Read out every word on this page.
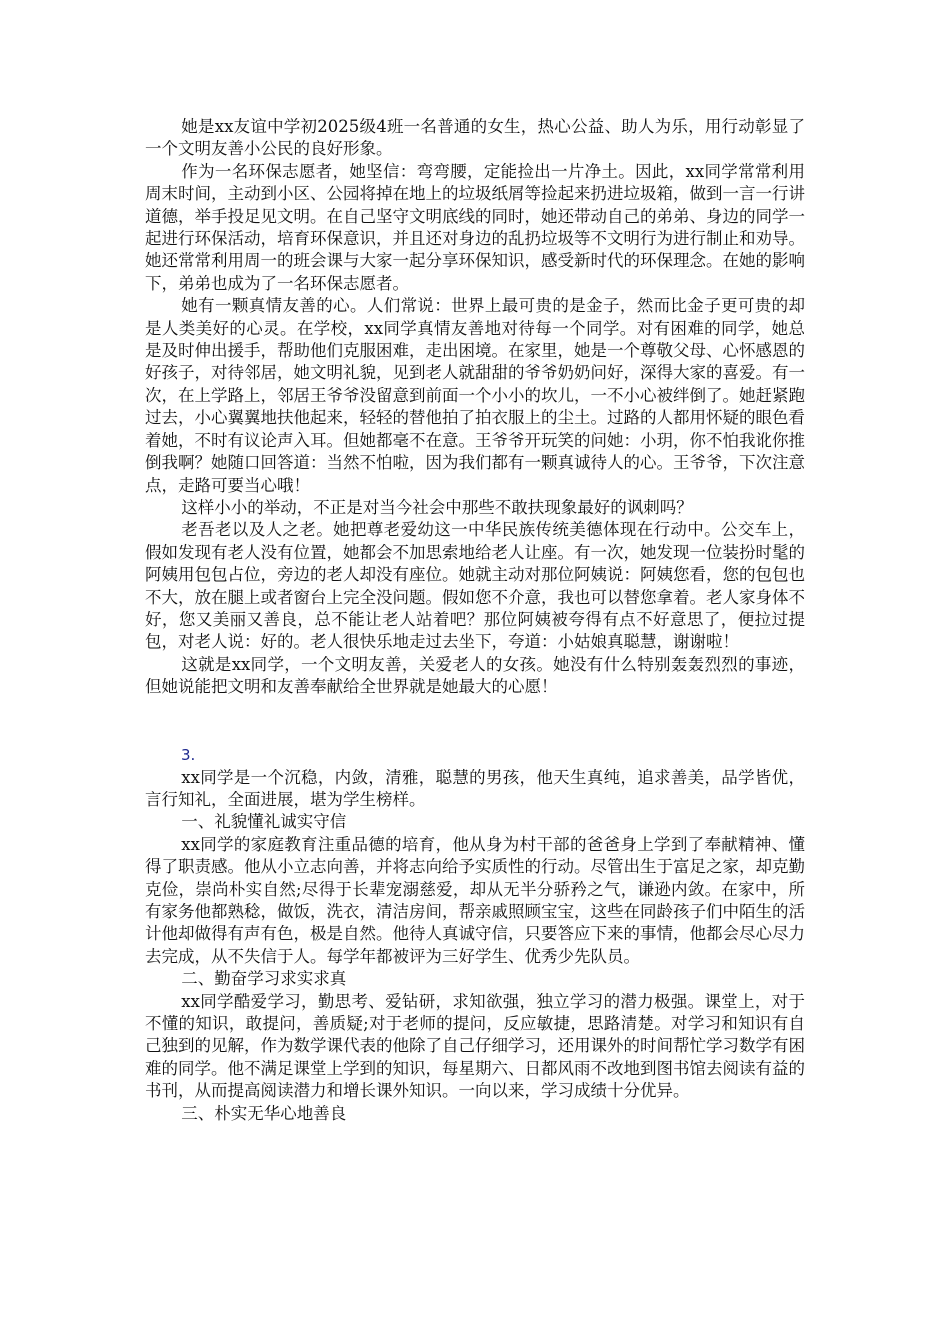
她是xx友谊中学初2025级4班一名普通的女生，热心公益、助人为乐，用行动彰显了一个文明友善小公民的良好形象。

作为一名环保志愿者，她坚信：弯弯腰，定能捡出一片净土。因此，xx同学常常利用周末时间，主动到小区、公园将掉在地上的垃圾纸屑等捡起来扔进垃圾箱，做到一言一行讲道德，举手投足见文明。在自己坚守文明底线的同时，她还带动自己的弟弟、身边的同学一起进行环保活动，培育环保意识，并且还对身边的乱扔垃圾等不文明行为进行制止和劝导。她还常常利用周一的班会课与大家一起分享环保知识，感受新时代的环保理念。在她的影响下，弟弟也成为了一名环保志愿者。

她有一颗真情友善的心。人们常说：世界上最可贵的是金子，然而比金子更可贵的却是人类美好的心灵。在学校，xx同学真情友善地对待每一个同学。对有困难的同学，她总是及时伸出援手，帮助他们克服困难，走出困境。在家里，她是一个尊敬父母、心怀感恩的好孩子，对待邻居，她文明礼貌，见到老人就甜甜的爷爷奶奶问好，深得大家的喜爱。有一次，在上学路上，邻居王爷爷没留意到前面一个小小的坎儿，一不小心被绊倒了。她赶紧跑过去，小心翼翼地扶他起来，轻轻的替他拍了拍衣服上的尘土。过路的人都用怀疑的眼色看着她，不时有议论声入耳。但她都毫不在意。王爷爷开玩笑的问她：小玥，你不怕我讹你推倒我啊？她随口回答道：当然不怕啦，因为我们都有一颗真诚待人的心。王爷爷，下次注意点，走路可要当心哦！

这样小小的举动，不正是对当今社会中那些不敢扶现象最好的讽刺吗？

老吾老以及人之老。她把尊老爱幼这一中华民族传统美德体现在行动中。公交车上，假如发现有老人没有位置，她都会不加思索地给老人让座。有一次，她发现一位装扮时髦的阿姨用包包占位，旁边的老人却没有座位。她就主动对那位阿姨说：阿姨您看，您的包包也不大，放在腿上或者窗台上完全没问题。假如您不介意，我也可以替您拿着。老人家身体不好，您又美丽又善良，总不能让老人站着吧？那位阿姨被夸得有点不好意思了，便拉过提包，对老人说：好的。老人很快乐地走过去坐下，夸道：小姑娘真聪慧，谢谢啦！

这就是xx同学，一个文明友善，关爱老人的女孩。她没有什么特别轰轰烈烈的事迹，但她说能把文明和友善奉献给全世界就是她最大的心愿！

3.

xx同学是一个沉稳，内敛，清雅，聪慧的男孩，他天生真纯，追求善美，品学皆优，言行知礼，全面进展，堪为学生榜样。

一、礼貌懂礼诚实守信

xx同学的家庭教育注重品德的培育，他从身为村干部的爸爸身上学到了奉献精神、懂得了职责感。他从小立志向善，并将志向给予实质性的行动。尽管出生于富足之家，却克勤克俭，崇尚朴实自然;尽得于长辈宠溺慈爱，却从无半分骄矜之气，谦逊内敛。在家中，所有家务他都熟稔，做饭，洗衣，清洁房间，帮亲戚照顾宝宝，这些在同龄孩子们中陌生的活计他却做得有声有色，极是自然。他待人真诚守信，只要答应下来的事情，他都会尽心尽力去完成，从不失信于人。每学年都被评为三好学生、优秀少先队员。

二、勤奋学习求实求真

xx同学酷爱学习，勤思考、爱钻研，求知欲强，独立学习的潜力极强。课堂上，对于不懂的知识，敢提问，善质疑;对于老师的提问，反应敏捷，思路清楚。对学习和知识有自己独到的见解，作为数学课代表的他除了自己仔细学习，还用课外的时间帮忙学习数学有困难的同学。他不满足课堂上学到的知识，每星期六、日都风雨不改地到图书馆去阅读有益的书刊，从而提高阅读潜力和增长课外知识。一向以来，学习成绩十分优异。

三、朴实无华心地善良
